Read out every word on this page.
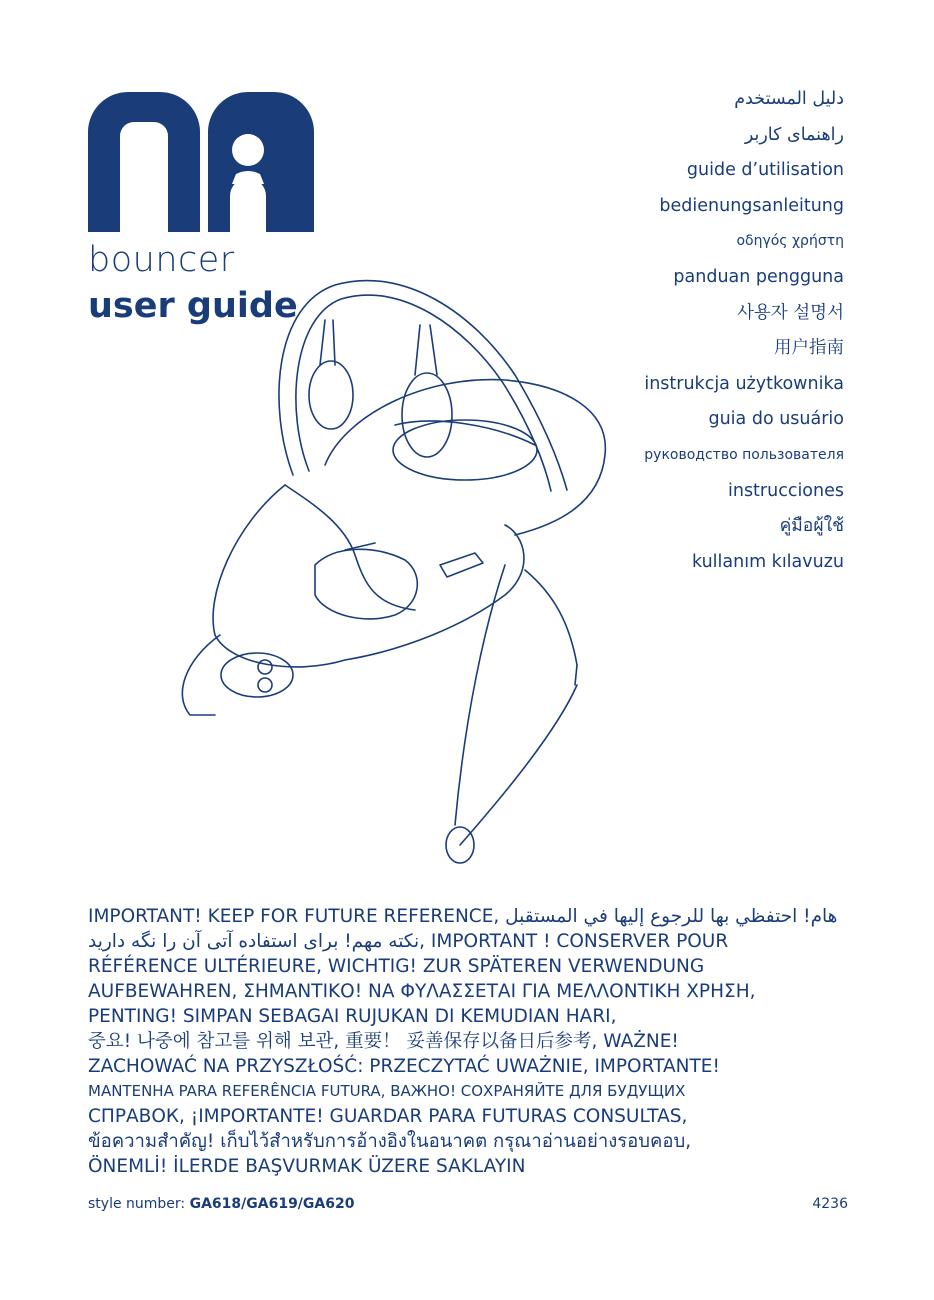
bouncer
user guide
دليل المستخدم
راهنمای کاربر
guide d’utilisation
bedienungsanleitung
οδηγός χρήστη
panduan pengguna
사용자 설명서
用户指南
instrukcja użytkownika
guia do usuário
руководство пользователя
instrucciones
คู่มือผู้ใช้
kullanım kılavuzu

IMPORTANT! KEEP FOR FUTURE REFERENCE, هام! احتفظي بها للرجوع إليها في المستقبل

نکته مهم! برای استفاده آتی آن را نگه دارید, IMPORTANT ! CONSERVER POUR

RÉFÉRENCE ULTÉRIEURE, WICHTIG! ZUR SPÄTEREN VERWENDUNG

AUFBEWAHREN, ΣΗΜΑΝΤΙΚΟ! ΝΑ ΦΥΛΑΣΣΕΤΑΙ ΓΙΑ ΜΕΛΛΟΝΤΙΚΗ ΧΡΗΣΗ,

PENTING! SIMPAN SEBAGAI RUJUKAN DI KEMUDIAN HARI,

중요! 나중에 참고를 위해 보관, 重要！ 妥善保存以备日后参考, WAŻNE!

ZACHOWAĆ NA PRZYSZŁOŚĆ: PRZECZYTAĆ UWAŻNIE, IMPORTANTE!

MANTENHA PARA REFERÊNCIA FUTURA, ВАЖНО! СОХРАНЯЙТЕ ДЛЯ БУДУЩИХ

СПРАВОК, ¡IMPORTANTE! GUARDAR PARA FUTURAS CONSULTAS,

ข้อความสำคัญ! เก็บไว้สำหรับการอ้างอิงในอนาคต กรุณาอ่านอย่างรอบคอบ,

ÖNEMLİ! İLERDE BAŞVURMAK ÜZERE SAKLAYIN

style number: GA618/GA619/GA620	4236
